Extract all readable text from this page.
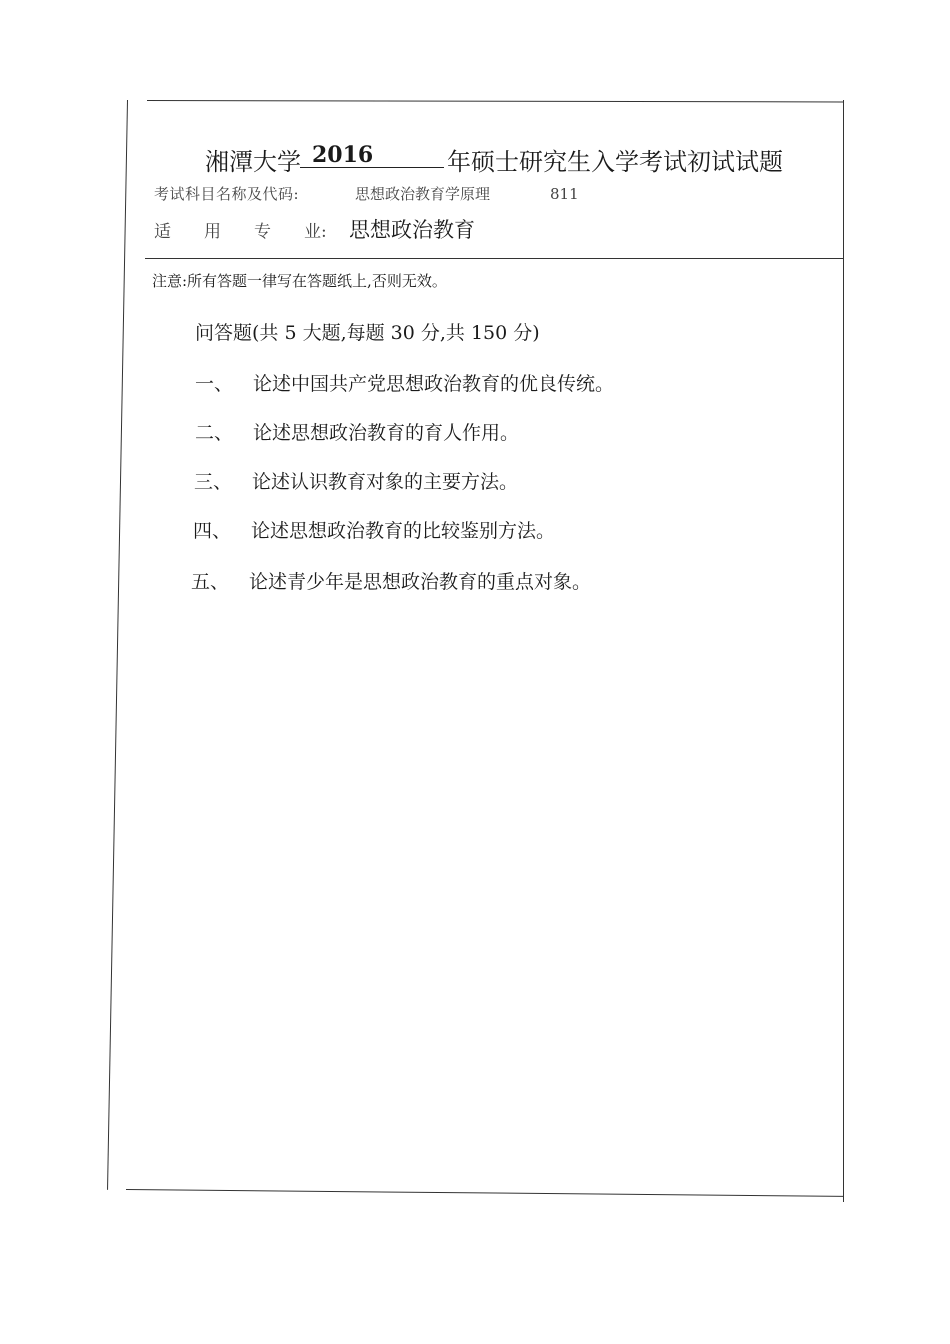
湘潭大学 2016	年硕士研究生入学考试初试试题
考试科目名称及代码:	思想政治教育学原理	811
适 用 专 业: 思想政治教育
注意:所有答题一律写在答题纸上,否则无效。
问答题(共 5 大题,每题 30 分,共 150 分)
一、 论述中国共产党思想政治教育的优良传统。
二、 论述思想政治教育的育人作用。
三、 论述认识教育对象的主要方法。
四、 论述思想政治教育的比较鉴别方法。
五、 论述青少年是思想政治教育的重点对象。
